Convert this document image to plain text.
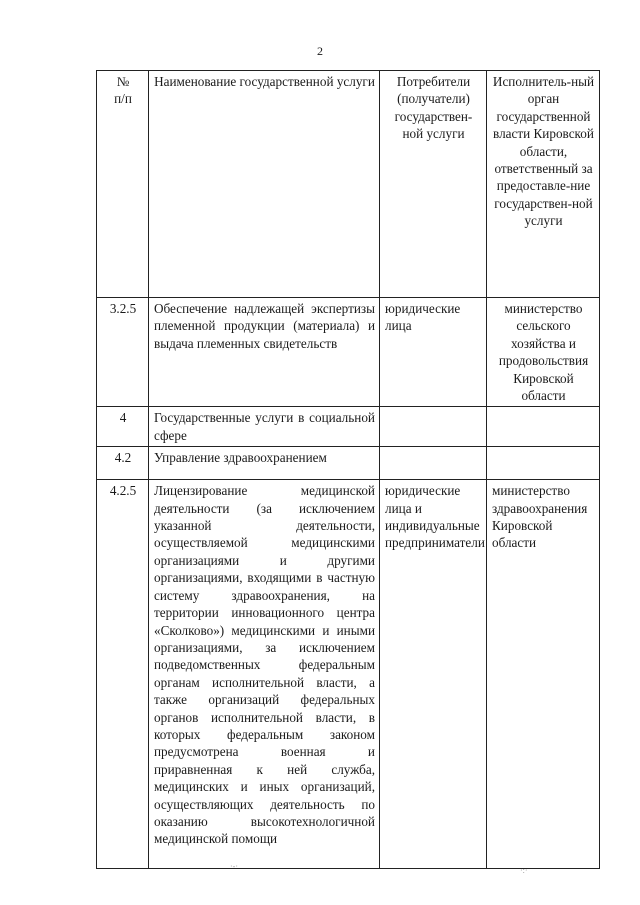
2
№
п/п	Наименование государственной услуги	Потребители (получатели) государствен-ной услуги	Исполнитель-ный орган государственной власти Кировской области, ответственный за предоставле-ние государствен-ной услуги
3.2.5	Обеспечение надлежащей экспертизы племенной продукции (материала) и выдача племенных свидетельств	юридические лица	министерство сельского хозяйства и продовольствия Кировской области
4	Государственные услуги в социальной сфере		
4.2	Управление здравоохранением		
4.2.5	Лицензирование медицинской деятельности (за исключением указанной деятельности, осуществляемой медицинскими организациями и другими организациями, входящими в частную систему здравоохранения, на территории инновационного центра «Сколково») медицинскими и иными организациями, за исключением подведомственных федеральным органам исполнительной власти, а также организаций федеральных органов исполнительной власти, в которых федеральным законом предусмотрена военная и приравненная к ней служба, медицинских и иных организаций, осуществляющих деятельность по оказанию высокотехнологичной медицинской помощи	юридические лица и индивидуальные предприниматели	министерство здравоохранения Кировской области
·-·	·:·
